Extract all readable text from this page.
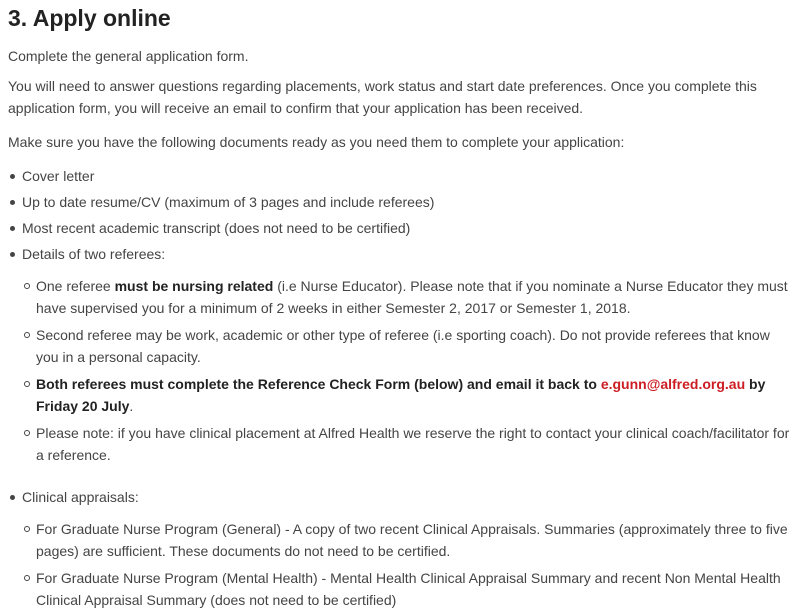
3. Apply online

Complete the general application form.

You will need to answer questions regarding placements, work status and start date preferences. Once you complete this application form, you will receive an email to confirm that your application has been received.

Make sure you have the following documents ready as you need them to complete your application:

Cover letter
Up to date resume/CV (maximum of 3 pages and include referees)
Most recent academic transcript (does not need to be certified)
Details of two referees:
One referee must be nursing related (i.e Nurse Educator). Please note that if you nominate a Nurse Educator they must have supervised you for a minimum of 2 weeks in either Semester 2, 2017 or Semester 1, 2018.
Second referee may be work, academic or other type of referee (i.e sporting coach). Do not provide referees that know you in a personal capacity.
Both referees must complete the Reference Check Form (below) and email it back to e.gunn@alfred.org.au by Friday 20 July.
Please note: if you have clinical placement at Alfred Health we reserve the right to contact your clinical coach/facilitator for a reference.
Clinical appraisals:
For Graduate Nurse Program (General) - A copy of two recent Clinical Appraisals. Summaries (approximately three to five pages) are sufficient. These documents do not need to be certified.
For Graduate Nurse Program (Mental Health) - Mental Health Clinical Appraisal Summary and recent Non Mental Health Clinical Appraisal Summary (does not need to be certified)
